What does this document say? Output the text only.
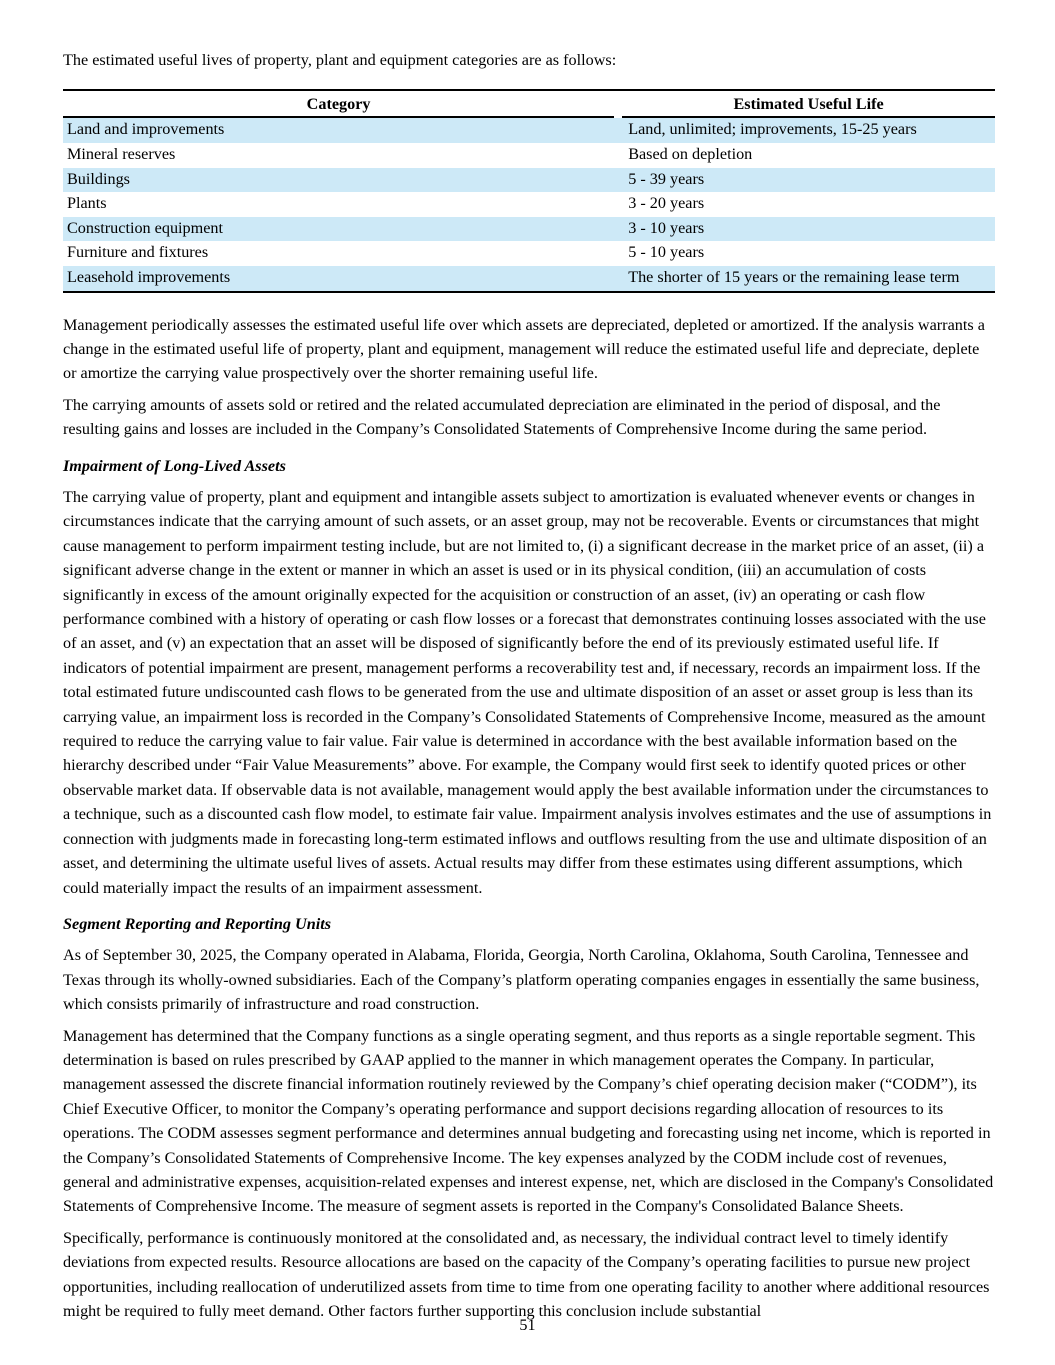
The estimated useful lives of property, plant and equipment categories are as follows:

Category	Estimated Useful Life

Land and improvements	Land, unlimited; improvements, 15-25 years
Mineral reserves	Based on depletion
Buildings	5 - 39 years
Plants	3 - 20 years
Construction equipment	3 - 10 years
Furniture and fixtures	5 - 10 years
Leasehold improvements	The shorter of 15 years or the remaining lease term

Management periodically assesses the estimated useful life over which assets are depreciated, depleted or amortized. If the analysis warrants a change in the estimated useful life of property, plant and equipment, management will reduce the estimated useful life and depreciate, deplete or amortize the carrying value prospectively over the shorter remaining useful life.

The carrying amounts of assets sold or retired and the related accumulated depreciation are eliminated in the period of disposal, and the resulting gains and losses are included in the Company’s Consolidated Statements of Comprehensive Income during the same period.

Impairment of Long-Lived Assets

The carrying value of property, plant and equipment and intangible assets subject to amortization is evaluated whenever events or changes in circumstances indicate that the carrying amount of such assets, or an asset group, may not be recoverable. Events or circumstances that might cause management to perform impairment testing include, but are not limited to, (i) a significant decrease in the market price of an asset, (ii) a significant adverse change in the extent or manner in which an asset is used or in its physical condition, (iii) an accumulation of costs significantly in excess of the amount originally expected for the acquisition or construction of an asset, (iv) an operating or cash flow performance combined with a history of operating or cash flow losses or a forecast that demonstrates continuing losses associated with the use of an asset, and (v) an expectation that an asset will be disposed of significantly before the end of its previously estimated useful life. If indicators of potential impairment are present, management performs a recoverability test and, if necessary, records an impairment loss. If the total estimated future undiscounted cash flows to be generated from the use and ultimate disposition of an asset or asset group is less than its carrying value, an impairment loss is recorded in the Company’s Consolidated Statements of Comprehensive Income, measured as the amount required to reduce the carrying value to fair value. Fair value is determined in accordance with the best available information based on the hierarchy described under “Fair Value Measurements” above. For example, the Company would first seek to identify quoted prices or other observable market data. If observable data is not available, management would apply the best available information under the circumstances to a technique, such as a discounted cash flow model, to estimate fair value. Impairment analysis involves estimates and the use of assumptions in connection with judgments made in forecasting long-term estimated inflows and outflows resulting from the use and ultimate disposition of an asset, and determining the ultimate useful lives of assets. Actual results may differ from these estimates using different assumptions, which could materially impact the results of an impairment assessment.

Segment Reporting and Reporting Units

As of September 30, 2025, the Company operated in Alabama, Florida, Georgia, North Carolina, Oklahoma, South Carolina, Tennessee and Texas through its wholly-owned subsidiaries. Each of the Company’s platform operating companies engages in essentially the same business, which consists primarily of infrastructure and road construction.

Management has determined that the Company functions as a single operating segment, and thus reports as a single reportable segment. This determination is based on rules prescribed by GAAP applied to the manner in which management operates the Company. In particular, management assessed the discrete financial information routinely reviewed by the Company’s chief operating decision maker (“CODM”), its Chief Executive Officer, to monitor the Company’s operating performance and support decisions regarding allocation of resources to its operations. The CODM assesses segment performance and determines annual budgeting and forecasting using net income, which is reported in the Company’s Consolidated Statements of Comprehensive Income. The key expenses analyzed by the CODM include cost of revenues, general and administrative expenses, acquisition-related expenses and interest expense, net, which are disclosed in the Company's Consolidated Statements of Comprehensive Income. The measure of segment assets is reported in the Company's Consolidated Balance Sheets.

Specifically, performance is continuously monitored at the consolidated and, as necessary, the individual contract level to timely identify deviations from expected results. Resource allocations are based on the capacity of the Company’s operating facilities to pursue new project opportunities, including reallocation of underutilized assets from time to time from one operating facility to another where additional resources might be required to fully meet demand. Other factors further supporting this conclusion include substantial

51
